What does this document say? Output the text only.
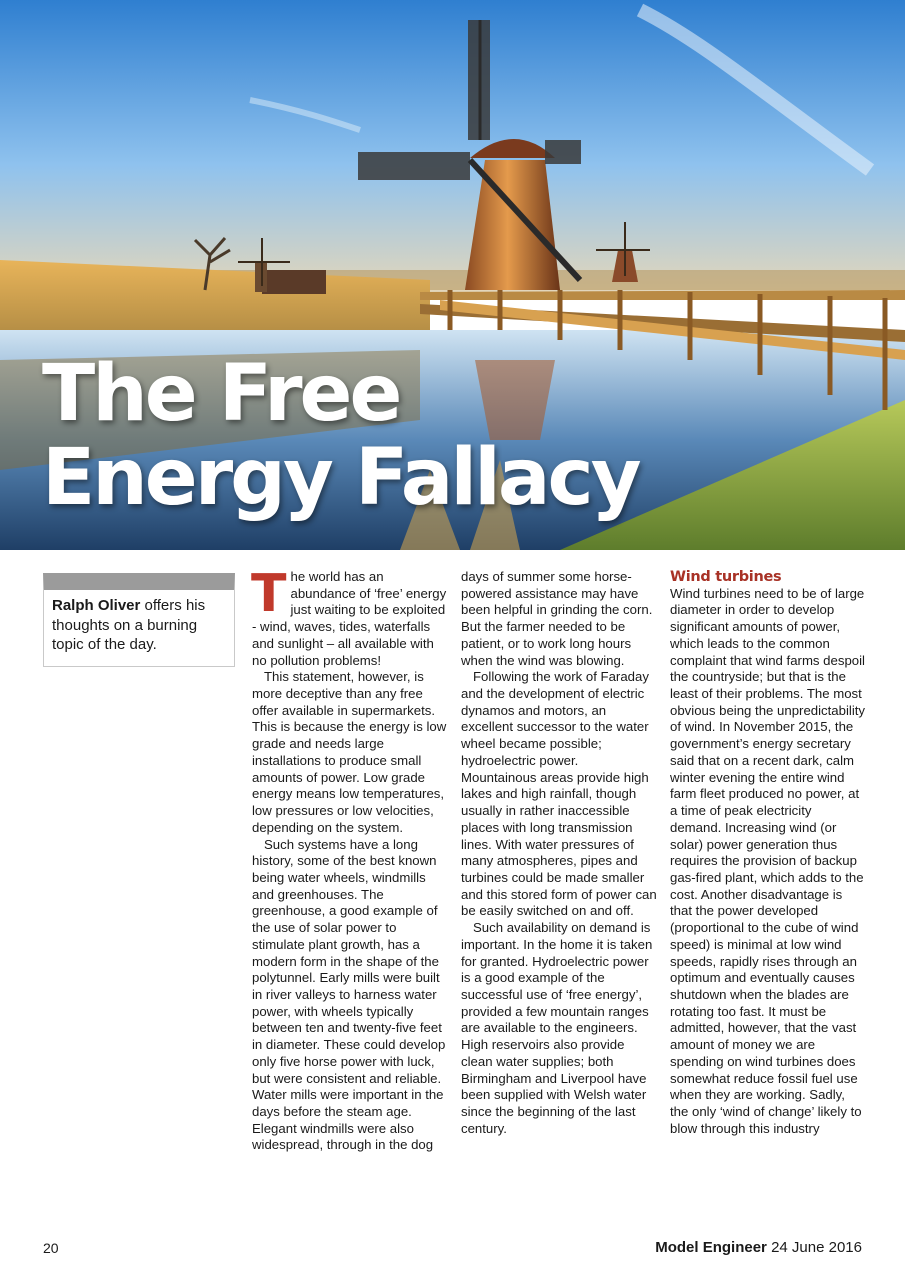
The Free
Energy Fallacy
Ralph Oliver offers his thoughts on a burning topic of the day.

The world has an abundance of ‘free’ energy just waiting to be exploited - wind, waves, tides, waterfalls and sunlight – all available with no pollution problems!

This statement, however, is more deceptive than any free offer available in supermarkets. This is because the energy is low grade and needs large installations to produce small amounts of power. Low grade energy means low temperatures, low pressures or low velocities, depending on the system.

Such systems have a long history, some of the best known being water wheels, windmills and greenhouses. The greenhouse, a good example of the use of solar power to stimulate plant growth, has a modern form in the shape of the polytunnel. Early mills were built in river valleys to harness water power, with wheels typically between ten and twenty-five feet in diameter. These could develop only five horse power with luck, but were consistent and reliable. Water mills were important in the days before the steam age. Elegant windmills were also widespread, through in the dog

days of summer some horse-powered assistance may have been helpful in grinding the corn. But the farmer needed to be patient, or to work long hours when the wind was blowing.

Following the work of Faraday and the development of electric dynamos and motors, an excellent successor to the water wheel became possible; hydroelectric power. Mountainous areas provide high lakes and high rainfall, though usually in rather inaccessible places with long transmission lines. With water pressures of many atmospheres, pipes and turbines could be made smaller and this stored form of power can be easily switched on and off.

Such availability on demand is important. In the home it is taken for granted. Hydroelectric power is a good example of the successful use of ‘free energy’, provided a few mountain ranges are available to the engineers. High reservoirs also provide clean water supplies; both Birmingham and Liverpool have been supplied with Welsh water since the beginning of the last century.

Wind turbines

Wind turbines need to be of large diameter in order to develop significant amounts of power, which leads to the common complaint that wind farms despoil the countryside; but that is the least of their problems. The most obvious being the unpredictability of wind. In November 2015, the government’s energy secretary said that on a recent dark, calm winter evening the entire wind farm fleet produced no power, at a time of peak electricity demand. Increasing wind (or solar) power generation thus requires the provision of backup gas-fired plant, which adds to the cost. Another disadvantage is that the power developed (proportional to the cube of wind speed) is minimal at low wind speeds, rapidly rises through an optimum and eventually causes shutdown when the blades are rotating too fast. It must be admitted, however, that the vast amount of money we are spending on wind turbines does somewhat reduce fossil fuel use when they are working. Sadly, the only ‘wind of change’ likely to blow through this industry

20	Model Engineer 24 June 2016
